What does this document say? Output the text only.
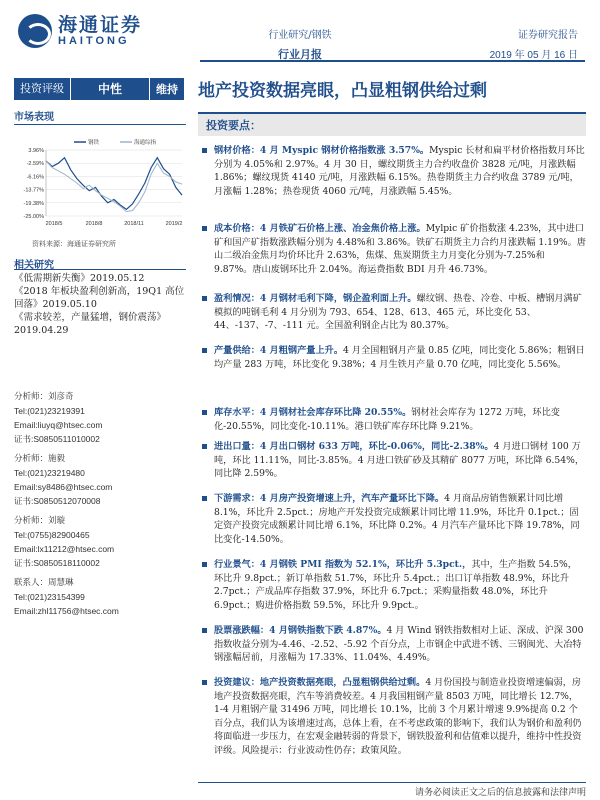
海通证券
HAITONG	行业研究/钢铁
行业月报
证券研究报告
2019 年 05 月 16 日
投资评级	中性	维持	地产投资数据亮眼，凸显粗钢供给过剩
市场表现
3.96%
-2.59%
-6.16%
-13.77%
-19.38%
-25.00%
2018/5	2018/8	2018/11	2019/2
钢铁	海通综指
资料来源：海通证券研究所
相关研究
《低需期新失衡》2019.05.12
《2018 年板块盈利创新高，19Q1 高位回落》2019.05.10
《需求较差，产量猛增，钢价震荡》2019.04.29
分析师：刘彦奇
Tel:(021)23219391
Email:liuyq@htsec.com
证书:S0850511010002
分析师：施毅
Tel:(021)23219480
Email:sy8486@htsec.com
证书:S0850512070008
分析师：刘璇
Tel:(0755)82900465
Email:lx11212@htsec.com
证书:S0850518110002
联系人：周慧琳
Tel:(021)23154399
Email:zhl11756@htsec.com
投资要点：
钢材价格：4 月 Myspic 钢材价格指数涨 3.57%。Myspic 长材和扁平材价格指数月环比分别为 4.05%和 2.97%。4 月 30 日，螺纹期货主力合约收盘价 3828 元/吨，月涨跌幅 1.86%；螺纹现货 4140 元/吨，月涨跌幅 6.15%。热卷期货主力合约收盘 3789 元/吨，月涨幅 1.28%；热卷现货 4060 元/吨，月涨跌幅 5.45%。
成本价格：4 月铁矿石价格上涨、冶金焦价格上涨。Mylpic 矿价指数涨 4.23%，其中进口矿和国产矿指数涨跌幅分别为 4.48%和 3.86%。铁矿石期货主力合约月涨跌幅 1.19%。唐山二级冶金焦月均价环比升 2.63%，焦煤、焦炭期货主力月变化分别为-7.25%和 9.87%。唐山废钢环比升 2.04%。海运费指数 BDI 月升 46.73%。
盈利情况：4 月钢材毛利下降，钢企盈利面上升。螺纹钢、热卷、冷卷、中板、槽钢月满矿模拟的吨钢毛利 4 月分别为 793、654、128、613、465 元，环比变化 53、44、-137、-7、-111 元。全国盈利钢企占比为 80.37%。
产量供给：4 月粗钢产量上升。4 月全国粗钢月产量 0.85 亿吨，同比变化 5.86%；粗钢日均产量 283 万吨，环比变化 9.38%；4 月生铁月产量 0.70 亿吨，同比变化 5.56%。
库存水平：4 月钢材社会库存环比降 20.55%。钢材社会库存为 1272 万吨，环比变化-20.55%，同比变化-10.11%。港口铁矿库存环比降 9.21%。
进出口量：4 月出口钢材 633 万吨，环比-0.06%，同比-2.38%。4 月进口钢材 100 万吨，环比 11.11%，同比-3.85%。4 月进口铁矿砂及其精矿 8077 万吨，环比降 6.54%，同比降 2.59%。
下游需求：4 月房产投资增速上升，汽车产量环比下降。4 月商品房销售额累计同比增 8.1%，环比升 2.5pct.；房地产开发投资完成额累计同比增 11.9%，环比升 0.1pct.；固定资产投资完成额累计同比增 6.1%，环比降 0.2%。4 月汽车产量环比下降 19.78%，同比变化-14.50%。
行业景气：4 月钢铁 PMI 指数为 52.1%，环比升 5.3pct.，其中，生产指数 54.5%，环比升 9.8pct.；新订单指数 51.7%，环比升 5.4pct.；出口订单指数 48.9%，环比升 2.7pct.；产成品库存指数 37.9%，环比升 6.7pct.；采购量指数 48.0%，环比升 6.9pct.；购进价格指数 59.5%，环比升 9.9pct.。
股票涨跌幅：4 月钢铁指数下跌 4.87%。4 月 Wind 钢铁指数相对上证、深成、沪深 300 指数收益分别为-4.46、-2.52、-5.92 个百分点，上市钢企中武进不锈、三钢闽光、大冶特钢涨幅居前，月涨幅为 17.33%、11.04%、4.49%。
投资建议：地产投资数据亮眼，凸显粗钢供给过剩。4 月份国投与制造业投资增速偏弱，房地产投资数据亮眼，汽车等消费较差。4 月我国粗钢产量 8503 万吨，同比增长 12.7%，1-4 月粗钢产量 31496 万吨，同比增长 10.1%，比前 3 个月累计增速 9.9%提高 0.2 个百分点，我们认为该增速过高，总体上看，在不考虑政策的影响下，我们认为钢价和盈利仍将面临进一步压力，在宏观金融转弱的背景下，钢铁股盈利和估值难以提升，维持中性投资评级。风险提示：行业波动性仍存；政策风险。
请务必阅读正文之后的信息披露和法律声明
